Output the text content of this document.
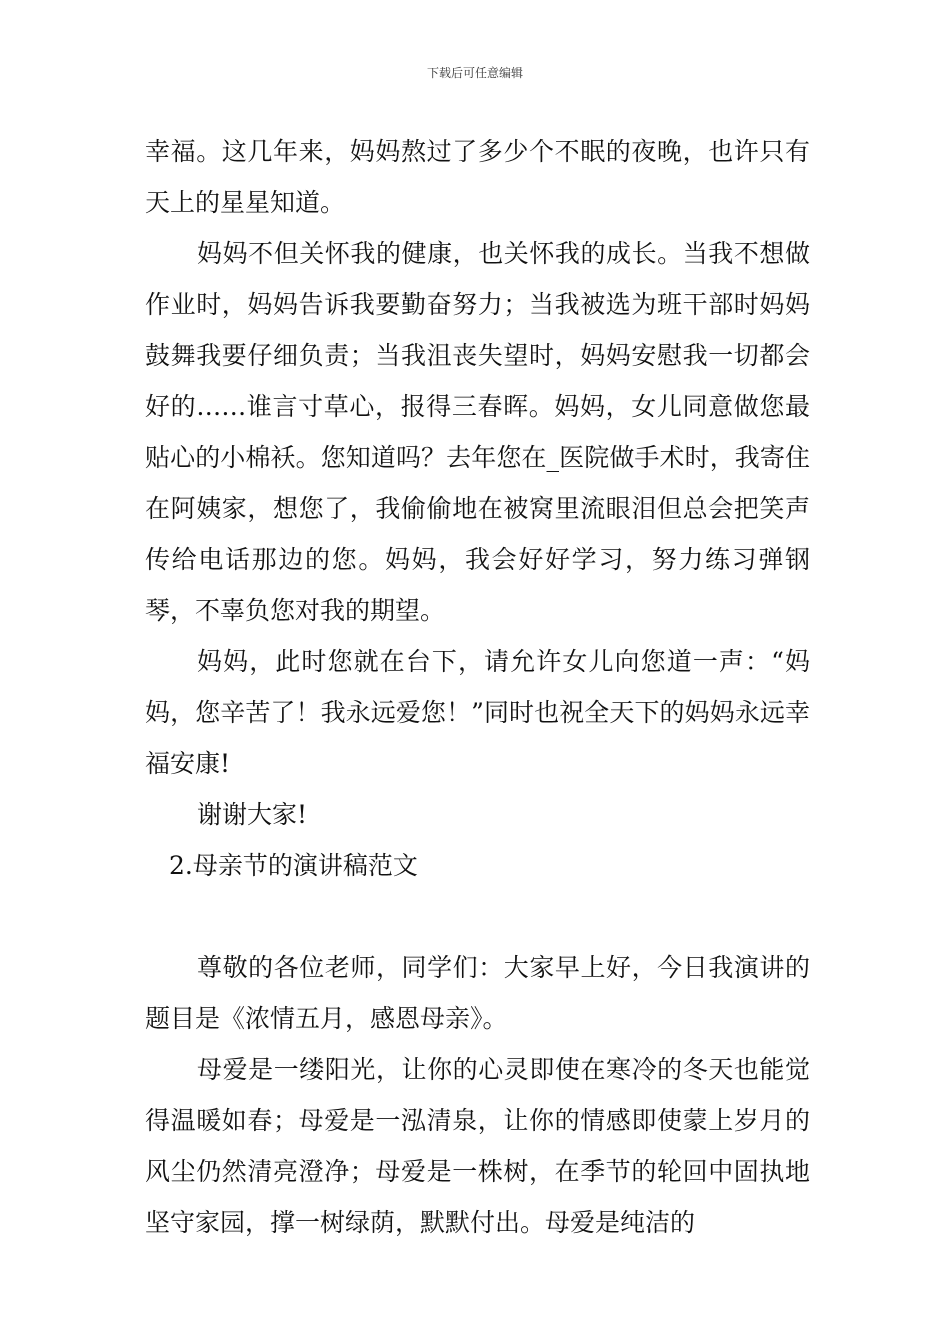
下载后可任意编辑

幸福。这几年来，妈妈熬过了多少个不眠的夜晚，也许只有天上的星星知道。

妈妈不但关怀我的健康，也关怀我的成长。当我不想做作业时，妈妈告诉我要勤奋努力；当我被选为班干部时妈妈鼓舞我要仔细负责；当我沮丧失望时，妈妈安慰我一切都会好的……谁言寸草心，报得三春晖。妈妈，女儿同意做您最贴心的小棉袄。您知道吗？去年您在_医院做手术时，我寄住在阿姨家，想您了，我偷偷地在被窝里流眼泪但总会把笑声传给电话那边的您。妈妈，我会好好学习，努力练习弹钢琴，不辜负您对我的期望。

妈妈，此时您就在台下，请允许女儿向您道一声：“妈妈，您辛苦了！我永远爱您！”同时也祝全天下的妈妈永远幸福安康!

谢谢大家!

2.母亲节的演讲稿范文

尊敬的各位老师，同学们：大家早上好，今日我演讲的题目是《浓情五月，感恩母亲》。

母爱是一缕阳光，让你的心灵即使在寒冷的冬天也能觉得温暖如春；母爱是一泓清泉，让你的情感即使蒙上岁月的风尘仍然清亮澄净；母爱是一株树，在季节的轮回中固执地坚守家园，撑一树绿荫，默默付出。母爱是纯洁的
